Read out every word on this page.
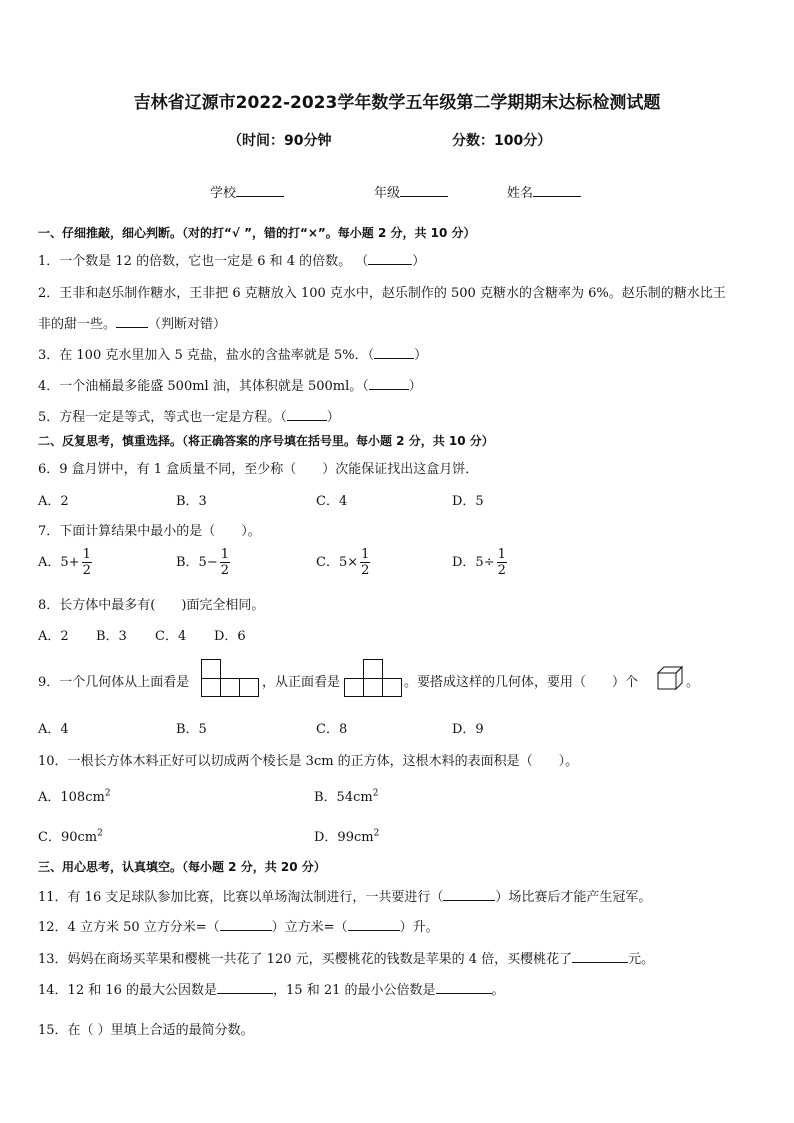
吉林省辽源市2022-2023学年数学五年级第二学期期末达标检测试题
（时间：90分钟	分数：100分）
学校	年级	姓名
一、仔细推敲，细心判断。（对的打“√ ”，错的打“×”。每小题 2 分，共 10 分）
1．一个数是 12 的倍数，它也一定是 6 和 4 的倍数。 （	）
2．王非和赵乐制作糖水，王非把 6 克糖放入 100 克水中，赵乐制作的 500 克糖水的含糖率为 6%。赵乐制的糖水比王
非的甜一些。 （判断对错）
3．在 100 克水里加入 5 克盐，盐水的含盐率就是 5%．（	）
4．一个油桶最多能盛 500ml 油，其体积就是 500ml。（	）
5．方程一定是等式，等式也一定是方程。（	）
二、反复思考，慎重选择。（将正确答案的序号填在括号里。每小题 2 分，共 10 分）
6．9 盒月饼中，有 1 盒质量不同，至少称（　　）次能保证找出这盒月饼．
A．2	B．3	C．4	D．5
7．下面计算结果中最小的是（　　）。
A．$5+ \frac{1}{2}$	B．$5- \frac{1}{2}$	C．$5\times \frac{1}{2}$	D．$5\div \frac{1}{2}$
8．长方体中最多有(　　)面完全相同。
A．2 B．3 C．4 D．6
9．一个几何体从上面看是	，从正面看是	。要搭成这样的几何体，要用（　　）个	。
A．4	B．5	C．8	D．9
10．一根长方体木料正好可以切成两个棱长是 3cm 的正方体，这根木料的表面积是（　　）。
A．$108cm^2$	B．$54cm^2$
C．$90cm^2$	D．$99cm^2$
三、用心思考，认真填空。（每小题 2 分，共 20 分）
11．有 16 支足球队参加比赛，比赛以单场淘汰制进行，一共要进行（	）场比赛后才能产生冠军。
12．4 立方米 50 立方分米=（	）立方米=（	）升。
13．妈妈在商场买苹果和樱桃一共花了 120 元，买樱桃花的钱数是苹果的 4 倍，买樱桃花了	元。
14．12 和 16 的最大公因数是	，15 和 21 的最小公倍数是	。
15．在（ ）里填上合适的最简分数。
